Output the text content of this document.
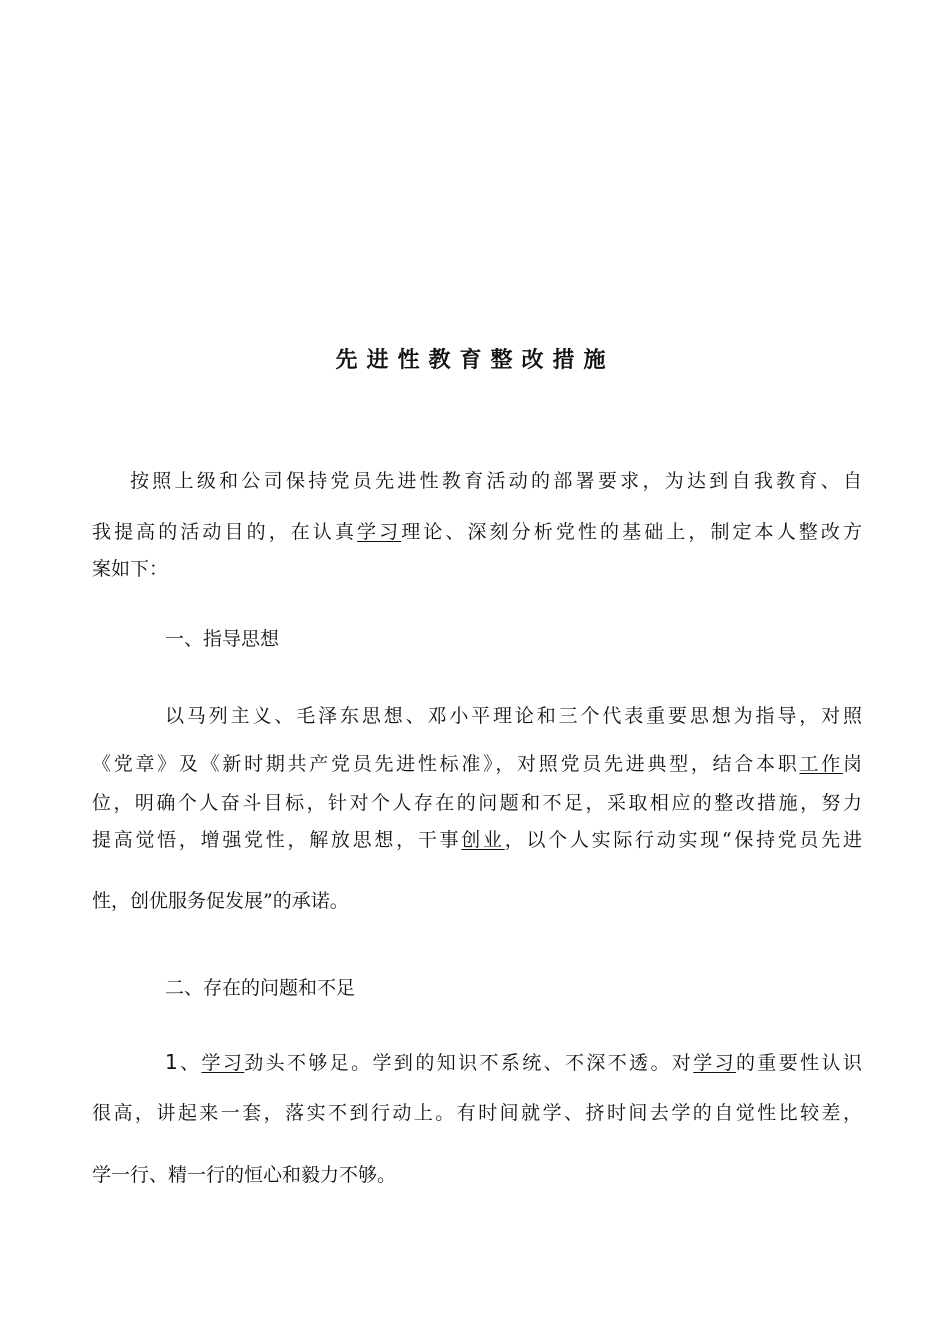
先进性教育整改措施
按照上级和公司保持党员先进性教育活动的部署要求，为达到自我教育、自
我提高的活动目的，在认真学习理论、深刻分析党性的基础上，制定本人整改方
案如下：
一、指导思想
以马列主义、毛泽东思想、邓小平理论和三个代表重要思想为指导，对照
《党章》及《新时期共产党员先进性标准》，对照党员先进典型，结合本职工作岗
位，明确个人奋斗目标，针对个人存在的问题和不足，采取相应的整改措施，努力
提高觉悟，增强党性，解放思想，干事创业，以个人实际行动实现“保持党员先进
性，创优服务促发展”的承诺。
二、存在的问题和不足
1、学习劲头不够足。学到的知识不系统、不深不透。对学习的重要性认识
很高，讲起来一套，落实不到行动上。有时间就学、挤时间去学的自觉性比较差，
学一行、精一行的恒心和毅力不够。
